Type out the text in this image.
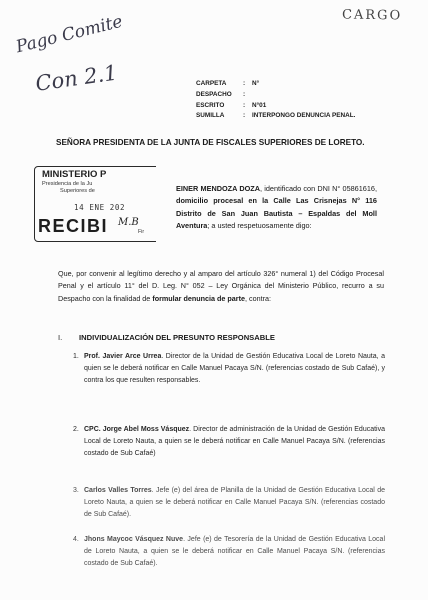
CARGO
Pago Comite
Con 2.1	CARPETA	:	N°
DESPACHO	:
ESCRITO	:	N°01
SUMILLA	:	INTERPONGO DENUNCIA PENAL.
SEÑORA PRESIDENTA DE LA JUNTA DE FISCALES SUPERIORES DE LORETO.
MINISTERIO P
Presidencia de la Ju
Superiores de
14 ENE 202
RECIBI M.B
Fir
EINER MENDOZA DOZA, identificado con DNI N° 05861616, domicilio procesal en la Calle Las Crisnejas N° 116 Distrito de San Juan Bautista – Espaldas del Moll Aventura; a usted respetuosamente digo:
Que, por convenir al legítimo derecho y al amparo del artículo 326° numeral 1) del Código Procesal Penal y el artículo 11° del D. Leg. N° 052 – Ley Orgánica del Ministerio Público, recurro a su Despacho con la finalidad de formular denuncia de parte, contra:
I.	INDIVIDUALIZACIÓN DEL PRESUNTO RESPONSABLE
1. Prof. Javier Arce Urrea. Director de la Unidad de Gestión Educativa Local de Loreto Nauta, a quien se le deberá notificar en Calle Manuel Pacaya S/N. (referencias costado de Sub Cafaé), y contra los que resulten responsables.
2. CPC. Jorge Abel Moss Vásquez. Director de administración de la Unidad de Gestión Educativa Local de Loreto Nauta, a quien se le deberá notificar en Calle Manuel Pacaya S/N. (referencias costado de Sub Cafaé)
3. Carlos Valles Torres. Jefe (e) del área de Planilla de la Unidad de Gestión Educativa Local de Loreto Nauta, a quien se le deberá notificar en Calle Manuel Pacaya S/N. (referencias costado de Sub Cafaé).
4. Jhons Maycoc Vásquez Nuve. Jefe (e) de Tesorería de la Unidad de Gestión Educativa Local de Loreto Nauta, a quien se le deberá notificar en Calle Manuel Pacaya S/N. (referencias costado de Sub Cafaé).
